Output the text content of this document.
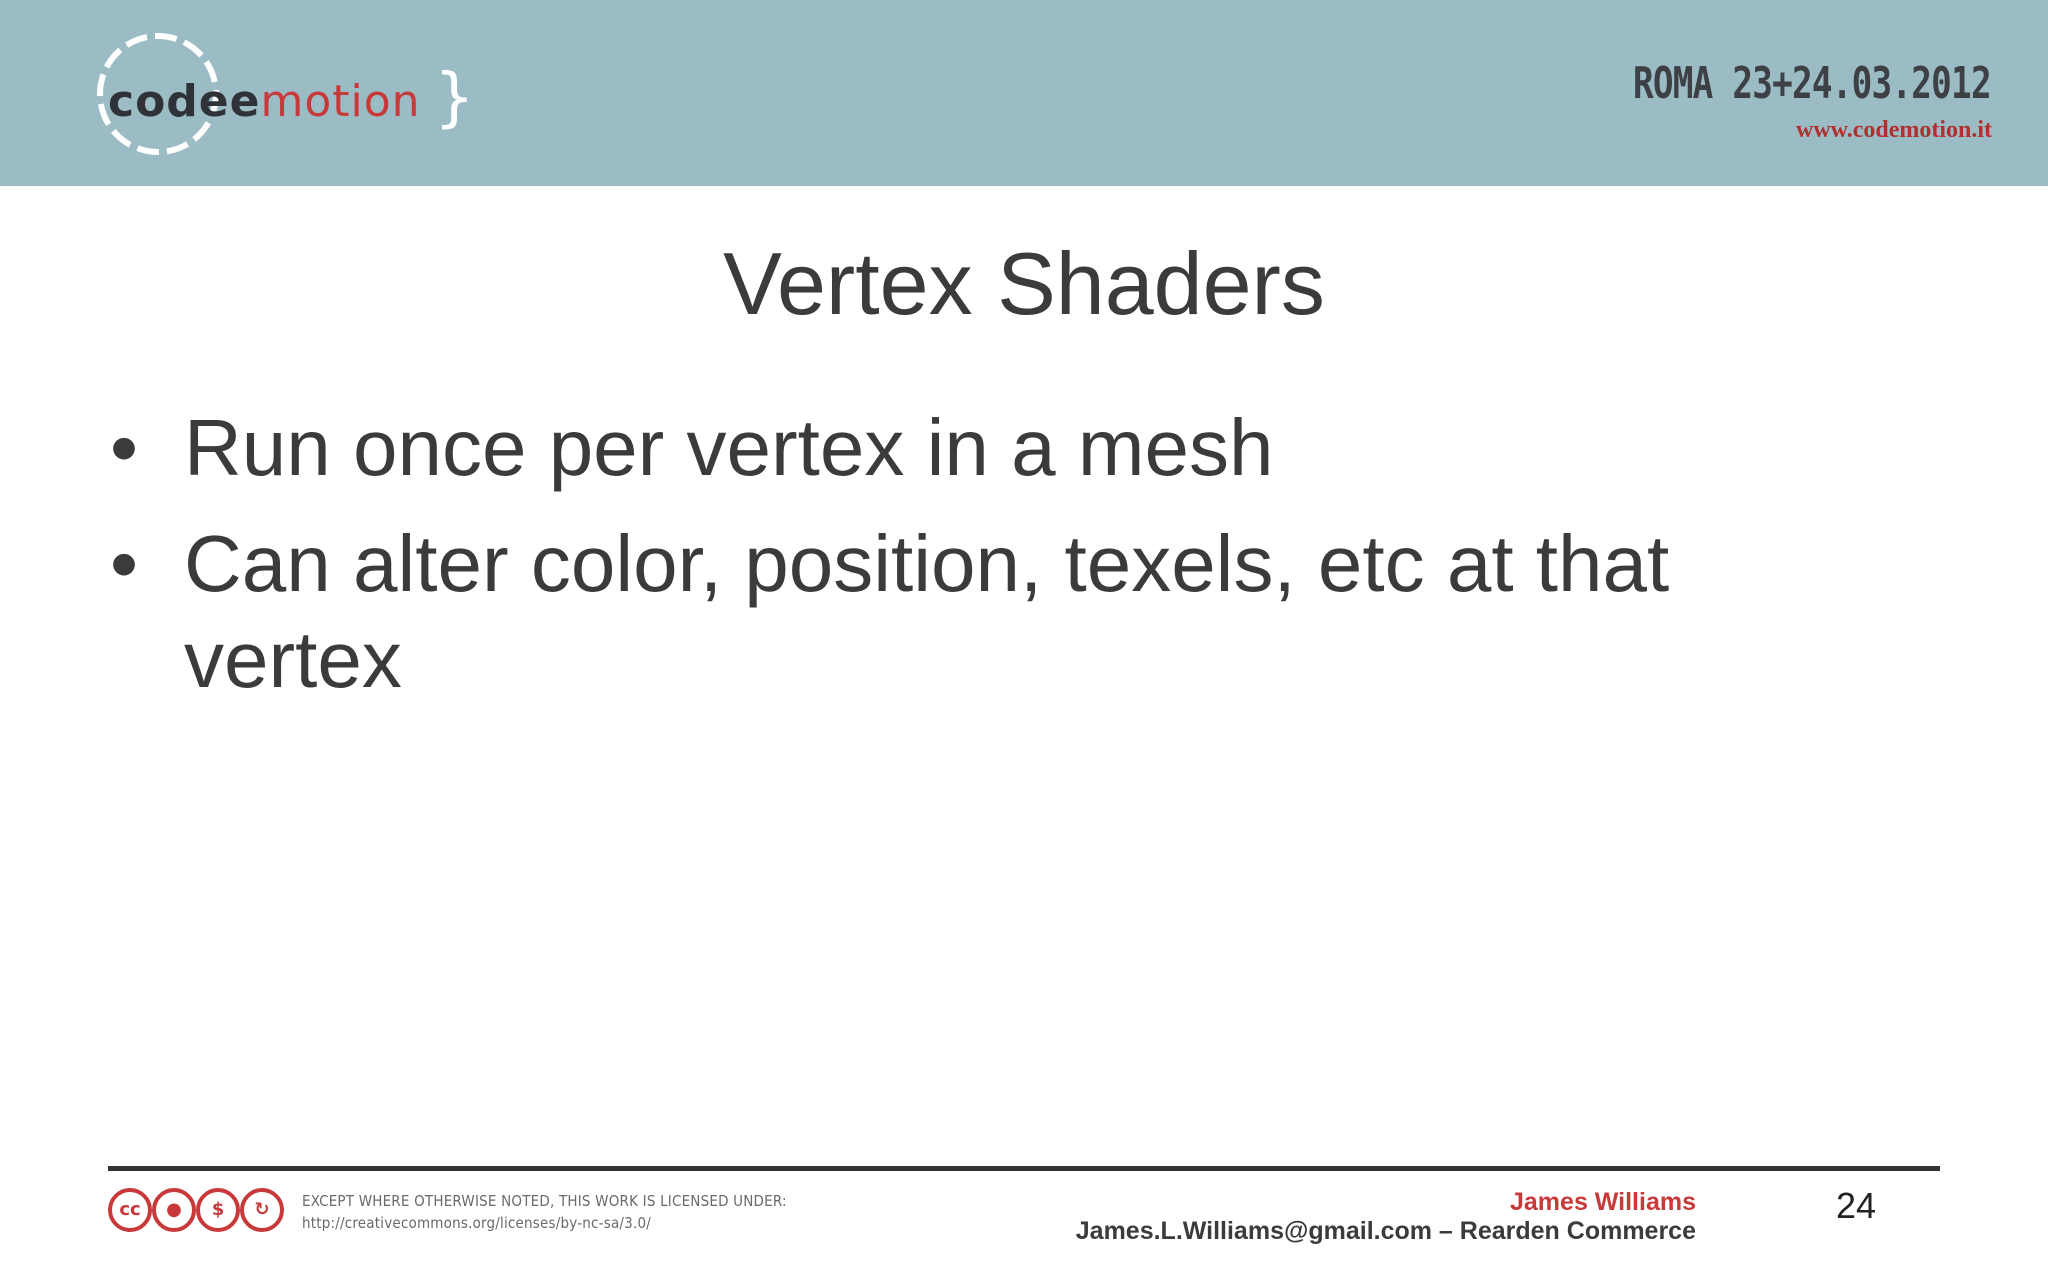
codeemotion }	ROMA 23+24.03.2012
www.codemotion.it
Vertex Shaders
• Run once per vertex in a mesh
• Can alter color, position, texels, etc at that vertex
cc	●	$	↻	EXCEPT WHERE OTHERWISE NOTED, THIS WORK IS LICENSED UNDER:
http://creativecommons.org/licenses/by-nc-sa/3.0/
James Williams
James.L.Williams@gmail.com – Rearden Commerce
24
